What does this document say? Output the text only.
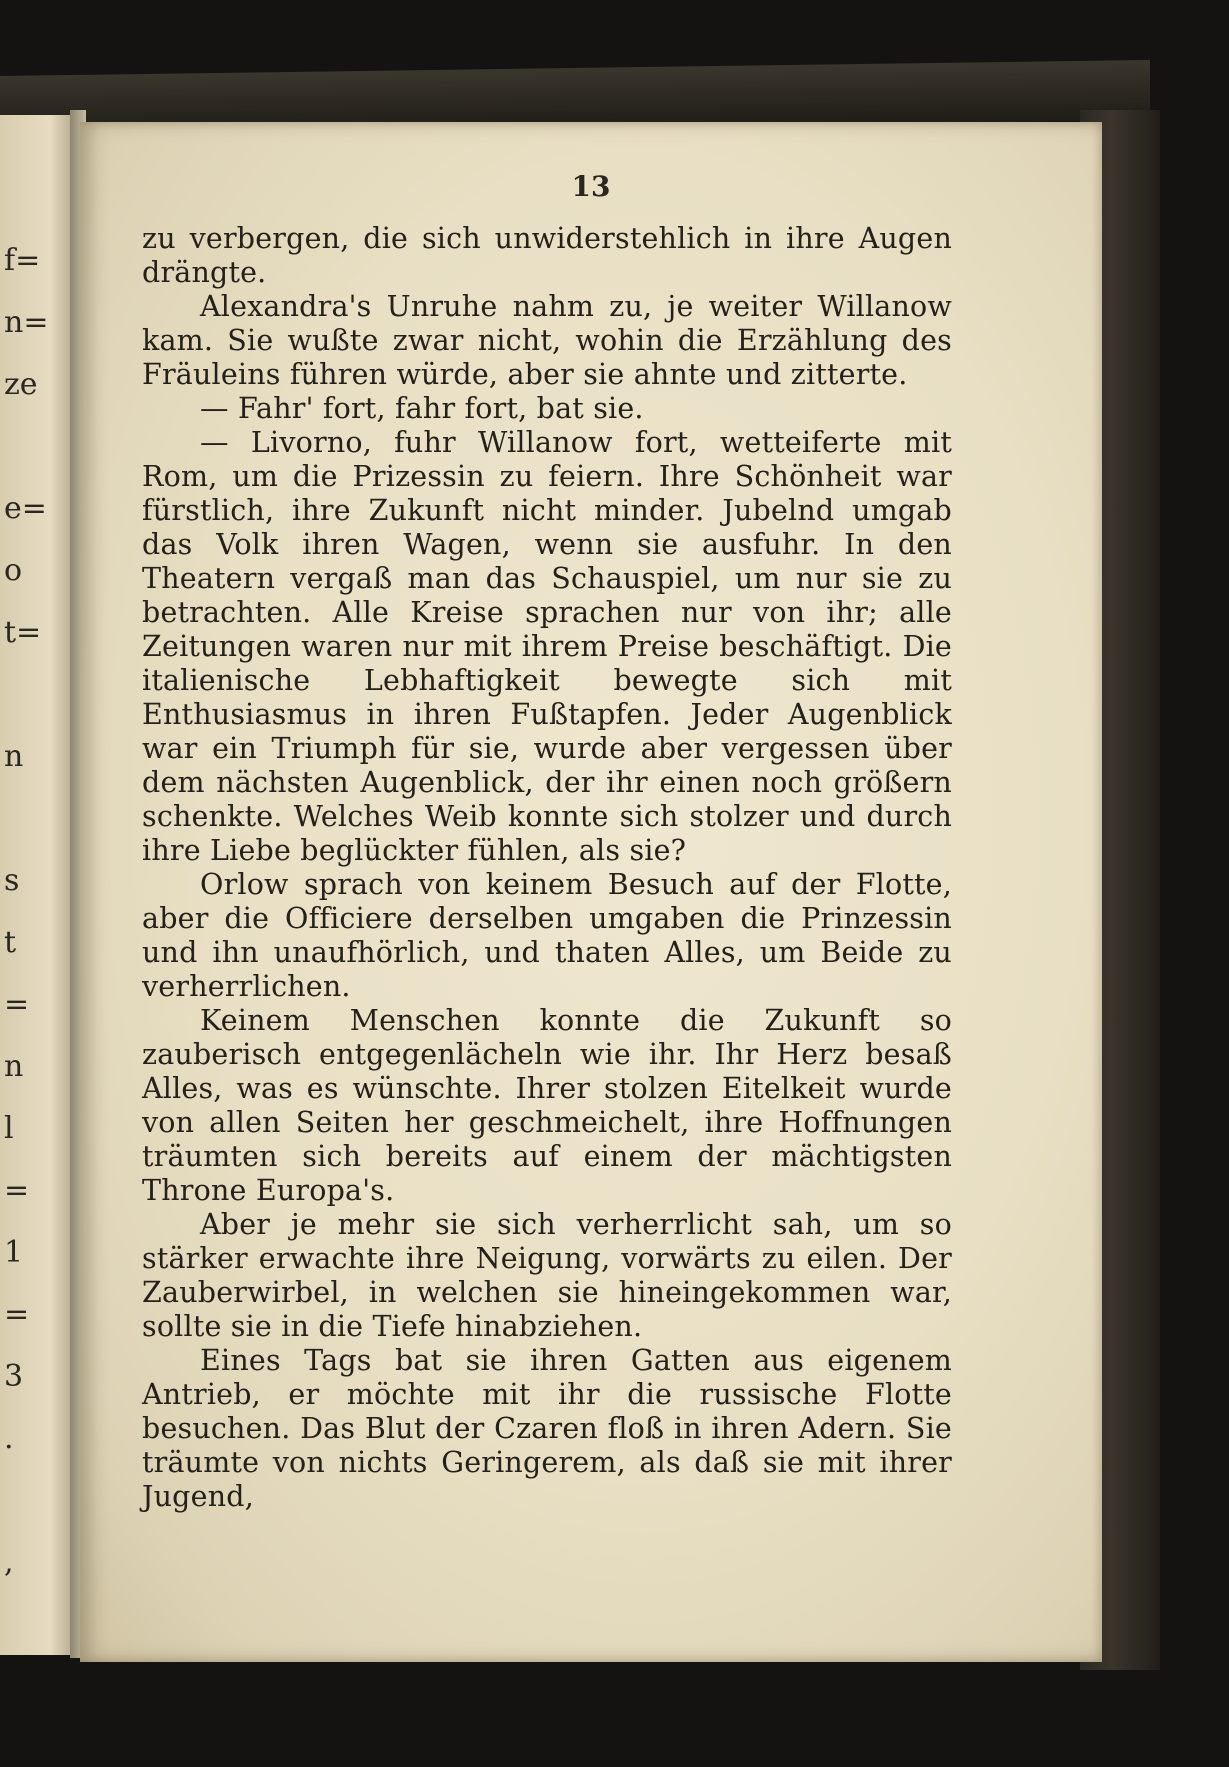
f=
n=
ze
e=
o
t=
n
s
t
=
n
l
=
1
=
3
.
,

13

zu verbergen, die sich unwiderstehlich in ihre Augen drängte.

Alexandra's Unruhe nahm zu, je weiter Willanow kam. Sie wußte zwar nicht, wohin die Erzählung des Fräuleins führen würde, aber sie ahnte und zitterte.

— Fahr' fort, fahr fort, bat sie.

— Livorno, fuhr Willanow fort, wetteiferte mit Rom, um die Prizessin zu feiern. Ihre Schönheit war fürstlich, ihre Zukunft nicht minder. Jubelnd umgab das Volk ihren Wagen, wenn sie ausfuhr. In den Theatern vergaß man das Schauspiel, um nur sie zu betrachten. Alle Kreise sprachen nur von ihr; alle Zeitungen waren nur mit ihrem Preise beschäftigt. Die italienische Lebhaftigkeit bewegte sich mit Enthusiasmus in ihren Fußtapfen. Jeder Augenblick war ein Triumph für sie, wurde aber vergessen über dem nächsten Augenblick, der ihr einen noch größern schenkte. Welches Weib konnte sich stolzer und durch ihre Liebe beglückter fühlen, als sie?

Orlow sprach von keinem Besuch auf der Flotte, aber die Officiere derselben umgaben die Prinzessin und ihn unaufhörlich, und thaten Alles, um Beide zu verherrlichen.

Keinem Menschen konnte die Zukunft so zauberisch entgegenlächeln wie ihr. Ihr Herz besaß Alles, was es wünschte. Ihrer stolzen Eitelkeit wurde von allen Seiten her geschmeichelt, ihre Hoffnungen träumten sich bereits auf einem der mächtigsten Throne Europa's.

Aber je mehr sie sich verherrlicht sah, um so stärker erwachte ihre Neigung, vorwärts zu eilen. Der Zauberwirbel, in welchen sie hineingekommen war, sollte sie in die Tiefe hinabziehen.

Eines Tags bat sie ihren Gatten aus eigenem Antrieb, er möchte mit ihr die russische Flotte besuchen. Das Blut der Czaren floß in ihren Adern. Sie träumte von nichts Geringerem, als daß sie mit ihrer Jugend,
